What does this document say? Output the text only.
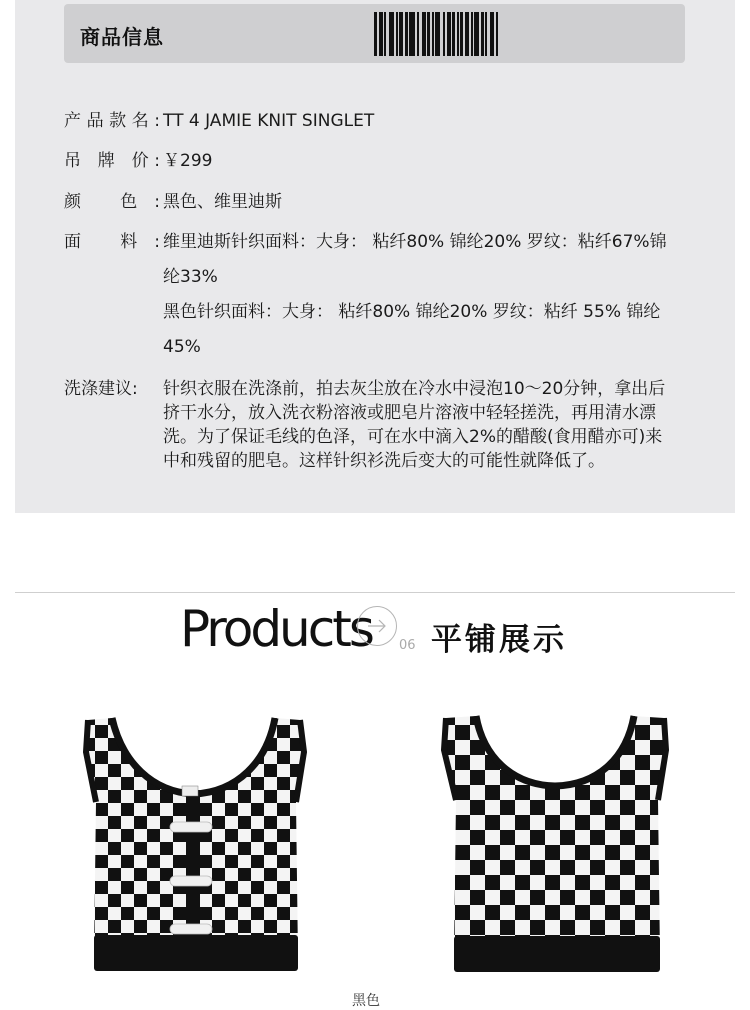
商品信息
产品款名: TT 4 JAMIE KNIT SINGLET
吊 牌 价: ￥299
颜 色: 黑色、维里迪斯
面 料: 维里迪斯针织面料：大身： 粘纤80% 锦纶20% 罗纹：粘纤67%锦
纶33%
黑色针织面料：大身： 粘纤80% 锦纶20% 罗纹：粘纤 55% 锦纶
45%
洗涤建议:	针织衣服在洗涤前，拍去灰尘放在冷水中浸泡10～20分钟，拿出后
挤干水分，放入洗衣粉溶液或肥皂片溶液中轻轻搓洗，再用清水漂
洗。为了保证毛线的色泽，可在水中滴入2%的醋酸(食用醋亦可)来
中和残留的肥皂。这样针织衫洗后变大的可能性就降低了。
Products 06 平铺展示
黑色
